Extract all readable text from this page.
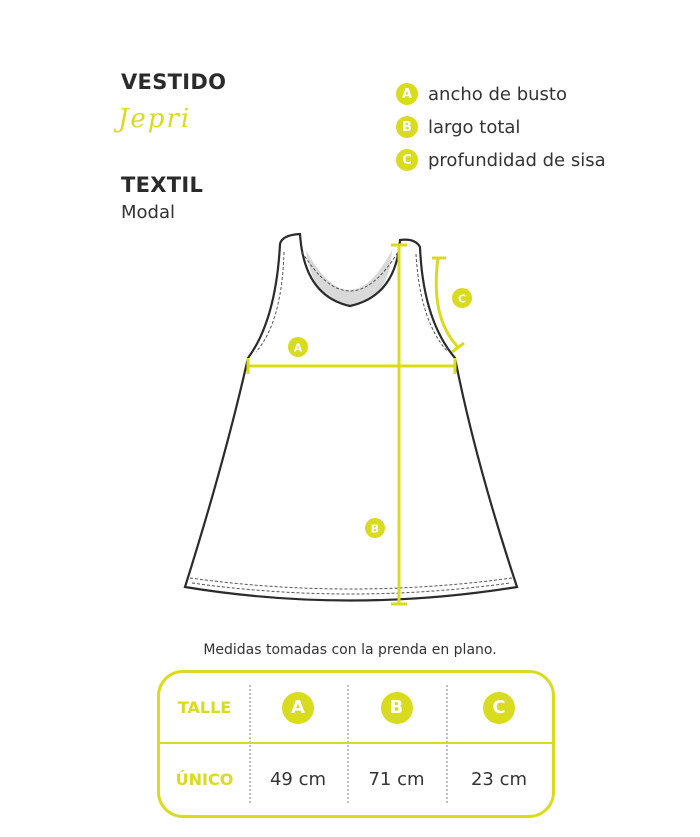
VESTIDO
Jepri
TEXTIL
Modal
A ancho de busto
B largo total
C profundidad de sisa
A
B
C
Medidas tomadas con la prenda en plano.
TALLE	A	B	C
ÚNICO	49 cm	71 cm	23 cm
